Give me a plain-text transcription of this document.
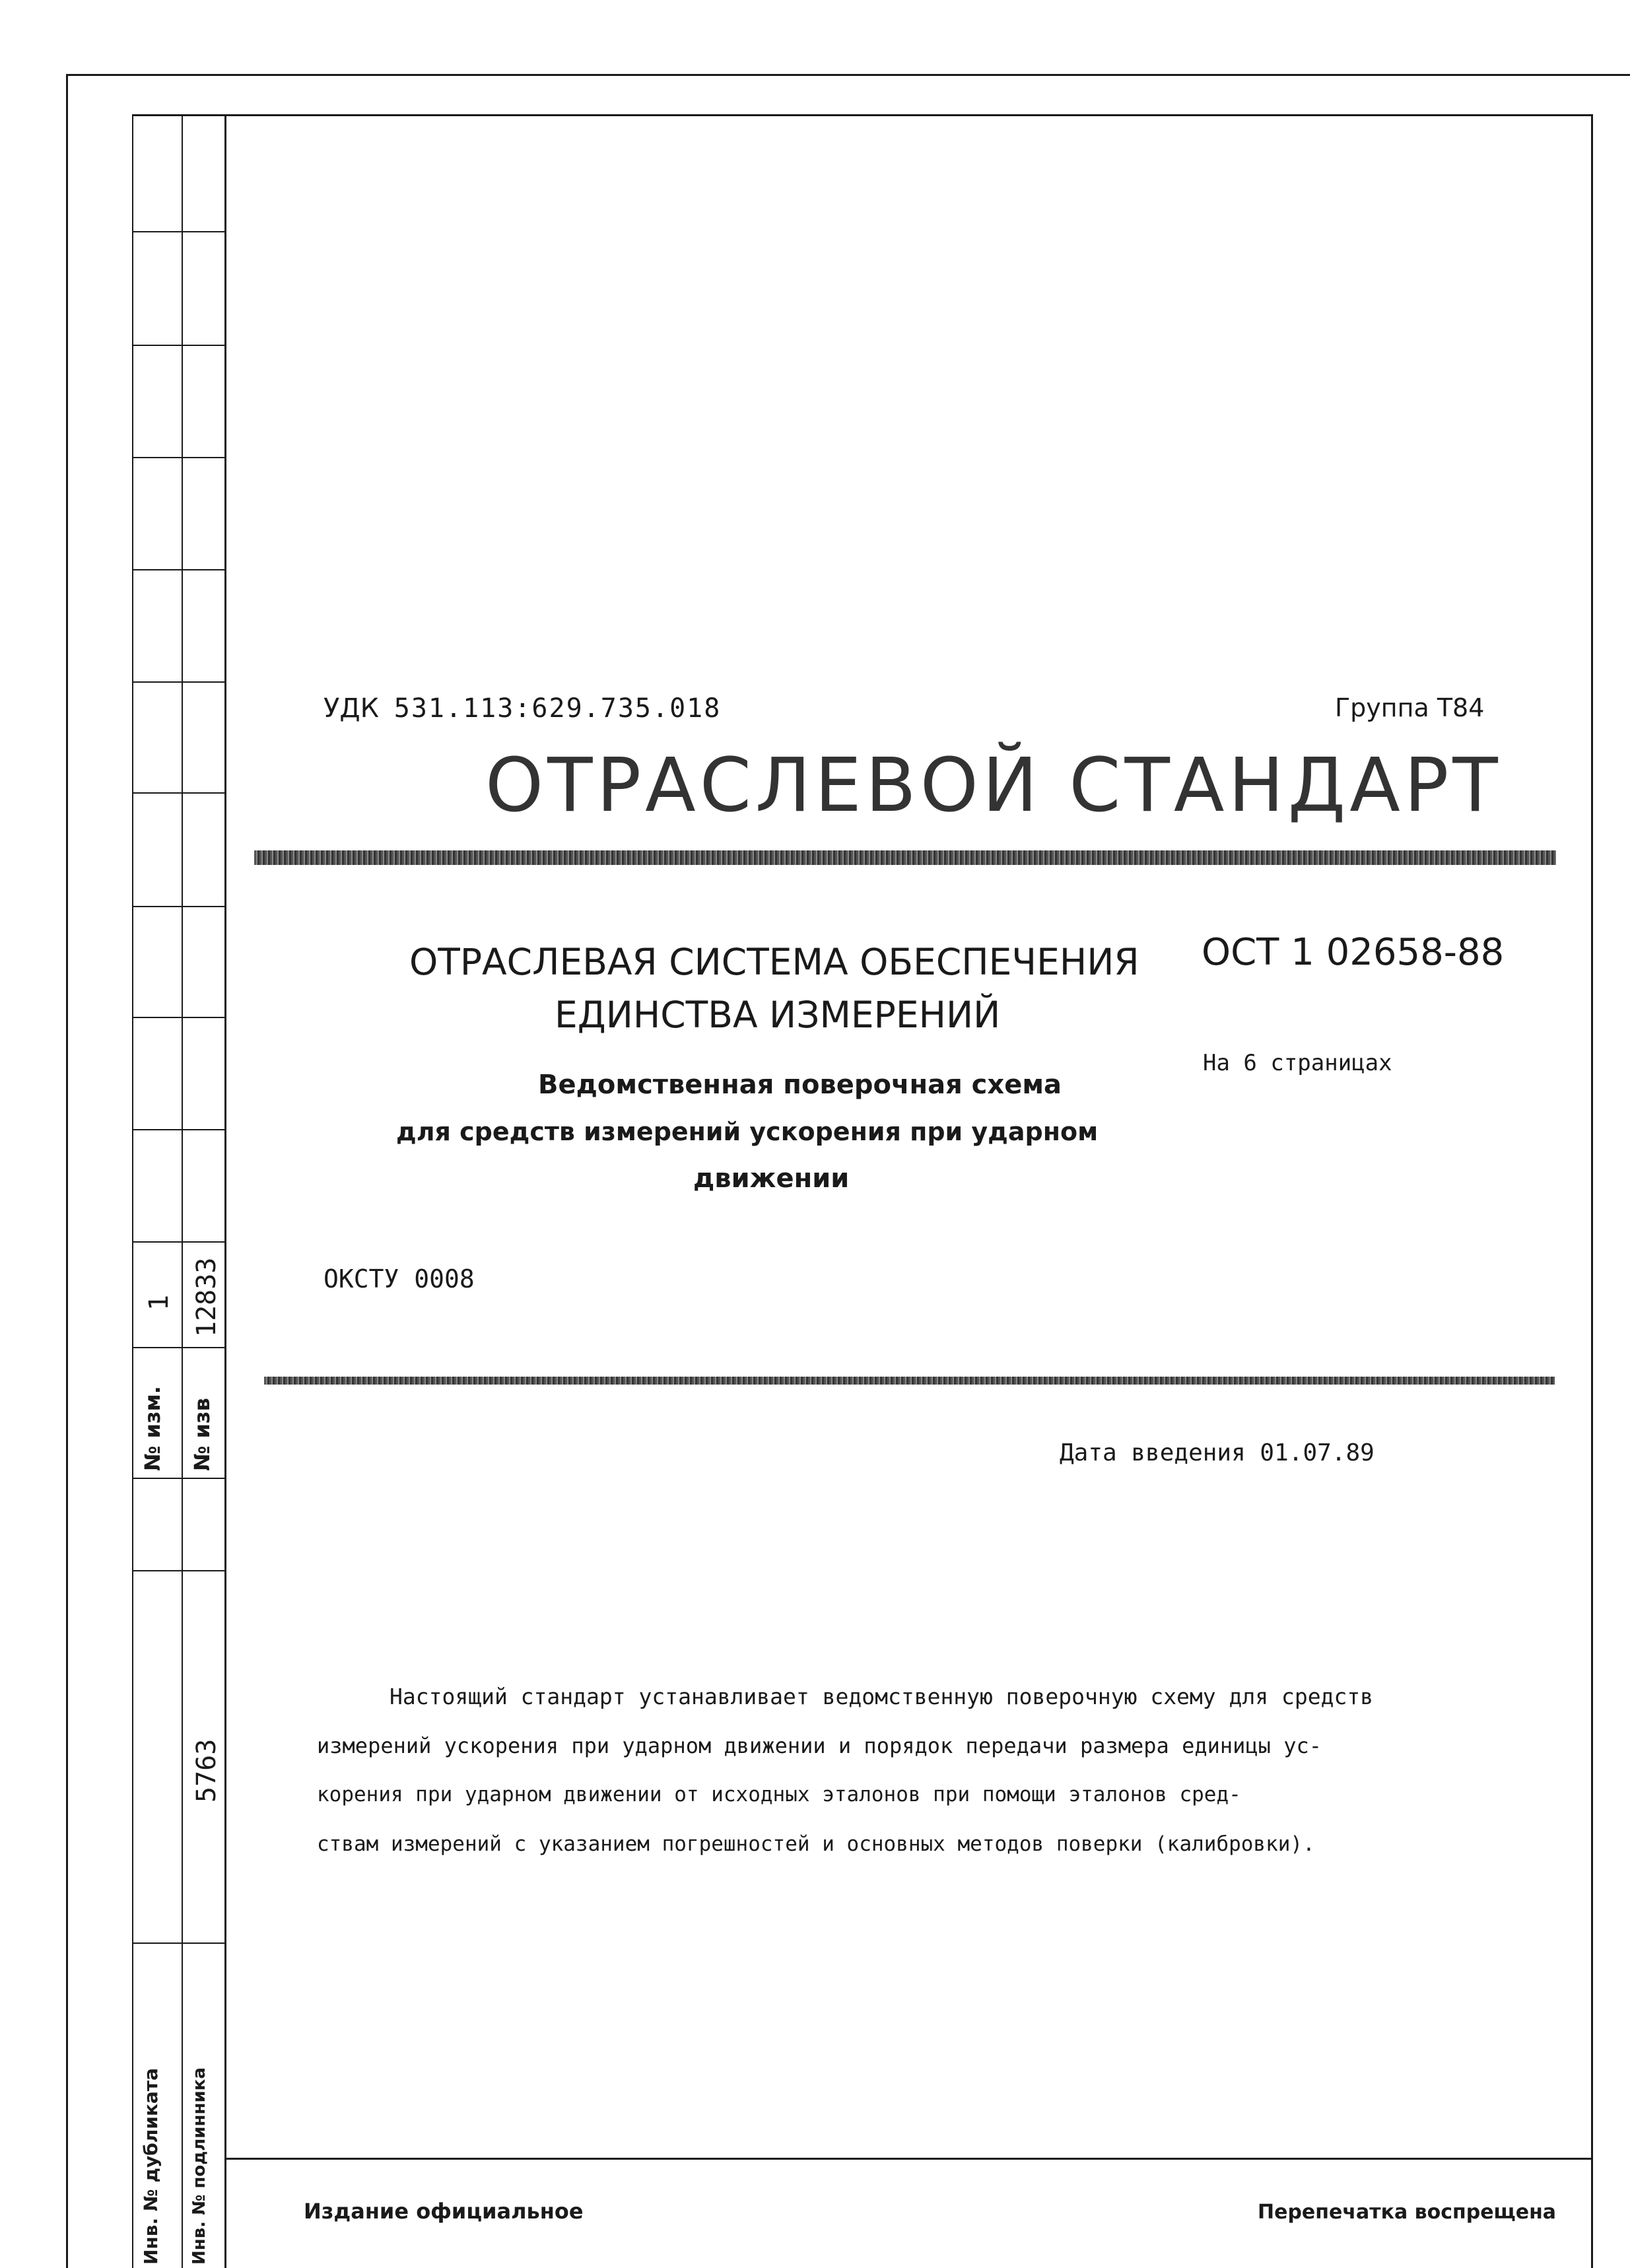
1 12833
№ изм. № изв
5763
Инв. № дубликата Инв. № подлинника
УДК 531.113:629.735.018	Группа Т84
ОТРАСЛЕВОЙ СТАНДАРТ
ОТРАСЛЕВАЯ СИСТЕМА ОБЕСПЕЧЕНИЯ
ЕДИНСТВА ИЗМЕРЕНИЙ
ОСТ 1 02658-88
На 6 страницах
Ведомственная поверочная схема
для средств измерений ускорения при ударном
движении
ОКСТУ 0008
Дата введения 01.07.89
Настоящий стандарт устанавливает ведомственную поверочную схему для средств
измерений ускорения при ударном движении и порядок передачи размера единицы ус-
корения при ударном движении от исходных эталонов при помощи эталонов сред-
ствам измерений с указанием погрешностей и основных методов поверки (калибровки).
Издание официальное	Перепечатка воспрещена
